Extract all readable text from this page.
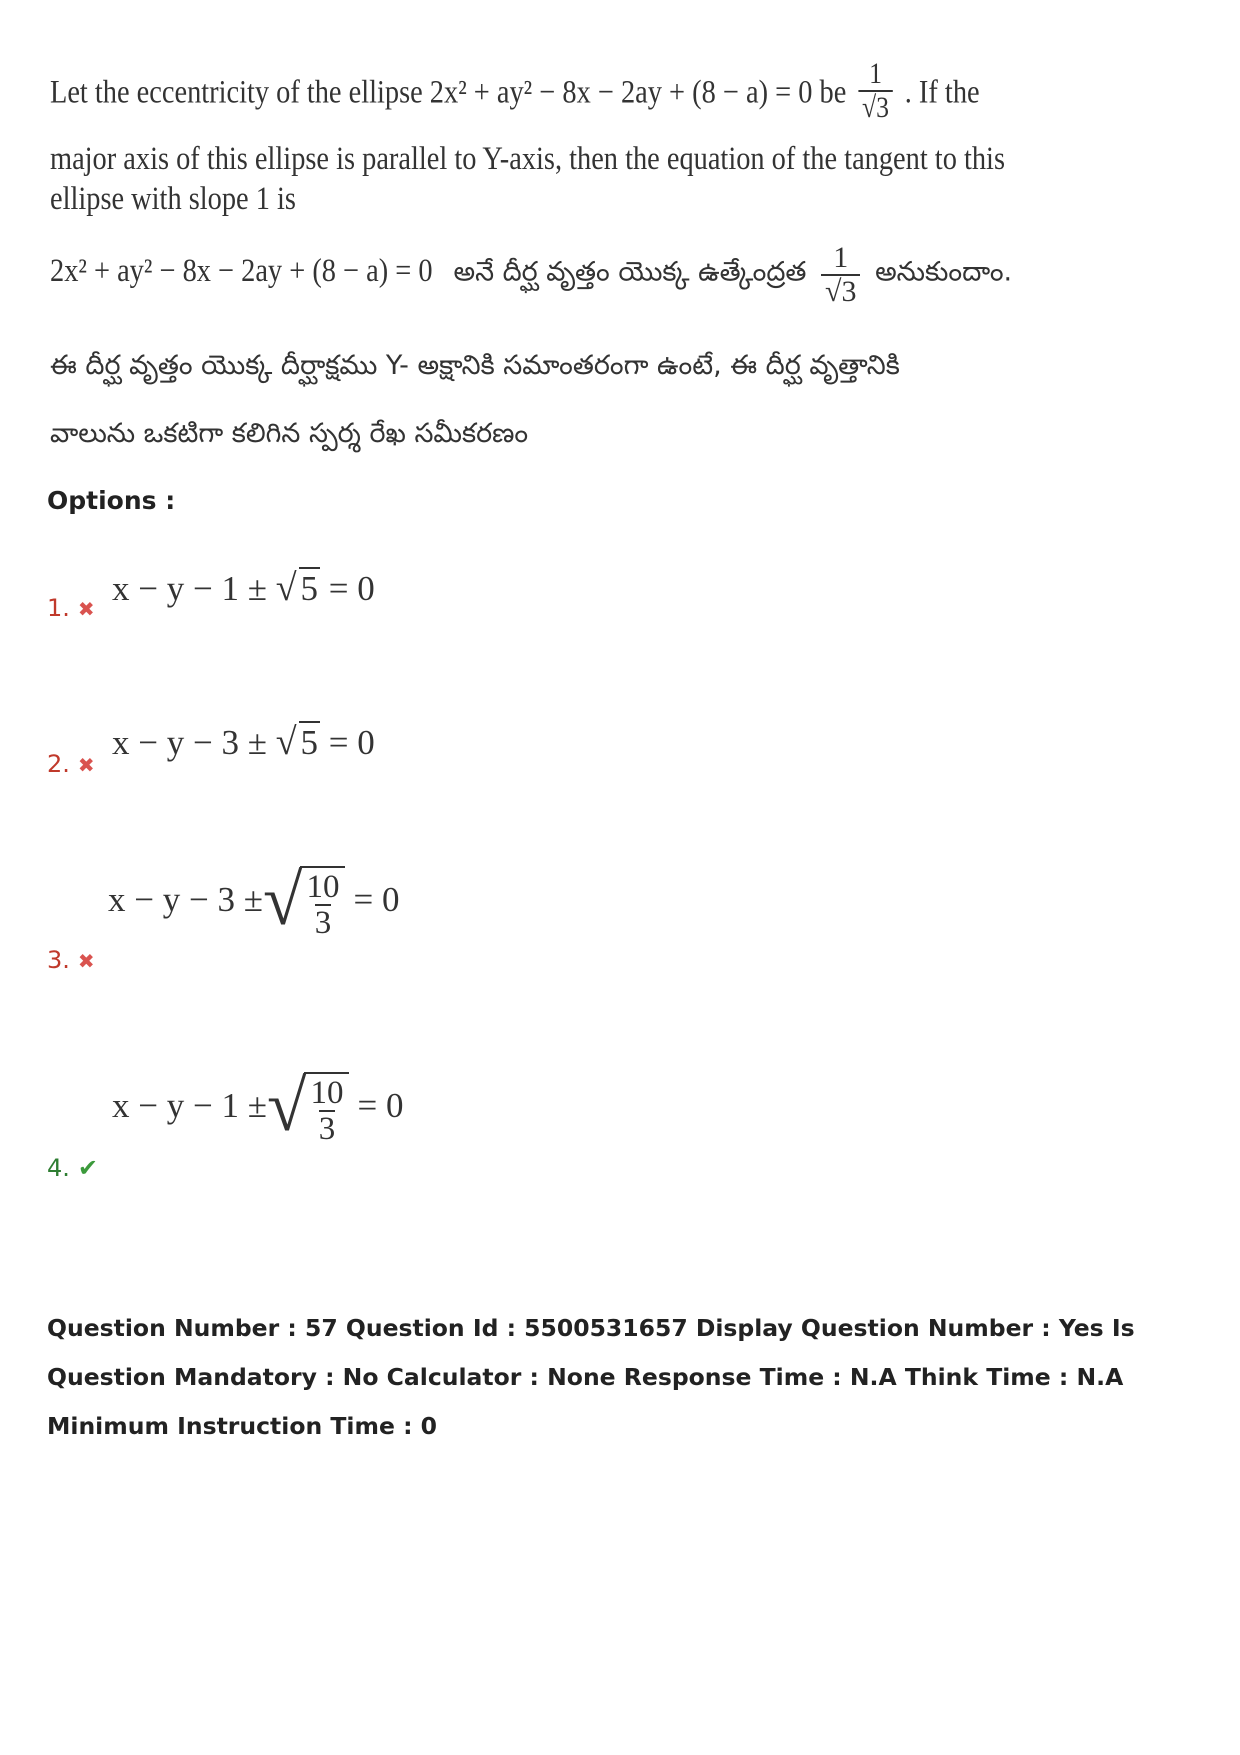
Let the eccentricity of the ellipse 2x² + ay² − 8x − 2ay + (8 − a) = 0 be $\frac{1}{√3}$ . If the
major axis of this ellipse is parallel to Y-axis, then the equation of the tangent to this
ellipse with slope 1 is
2x² + ay² − 8x − 2ay + (8 − a) = 0 అనే దీర్ఘ వృత్తం యొక్క ఉత్కేంద్రత $\frac{1}{√3}$ అనుకుందాం.
ఈ దీర్ఘ వృత్తం యొక్క దీర్ఘాక్షము Y- అక్షానికి సమాంతరంగా ఉంటే, ఈ దీర్ఘ వృత్తానికి
వాలును ఒకటిగా కలిగిన స్పర్శ రేఖ సమీకరణం
Options :
x − y − 1 ± √ 5 = 0
1. ✖
x − y − 3 ± √ 5 = 0
2. ✖
x − y − 3 ± √
$\frac{10}{3} = 0$
3. ✖
x − y − 1 ± √
$\frac{10}{3} = 0$
4. ✔
Question Number : 57 Question Id : 5500531657 Display Question Number : Yes Is Question Mandatory : No Calculator : None Response Time : N.A Think Time : N.A Minimum Instruction Time : 0
